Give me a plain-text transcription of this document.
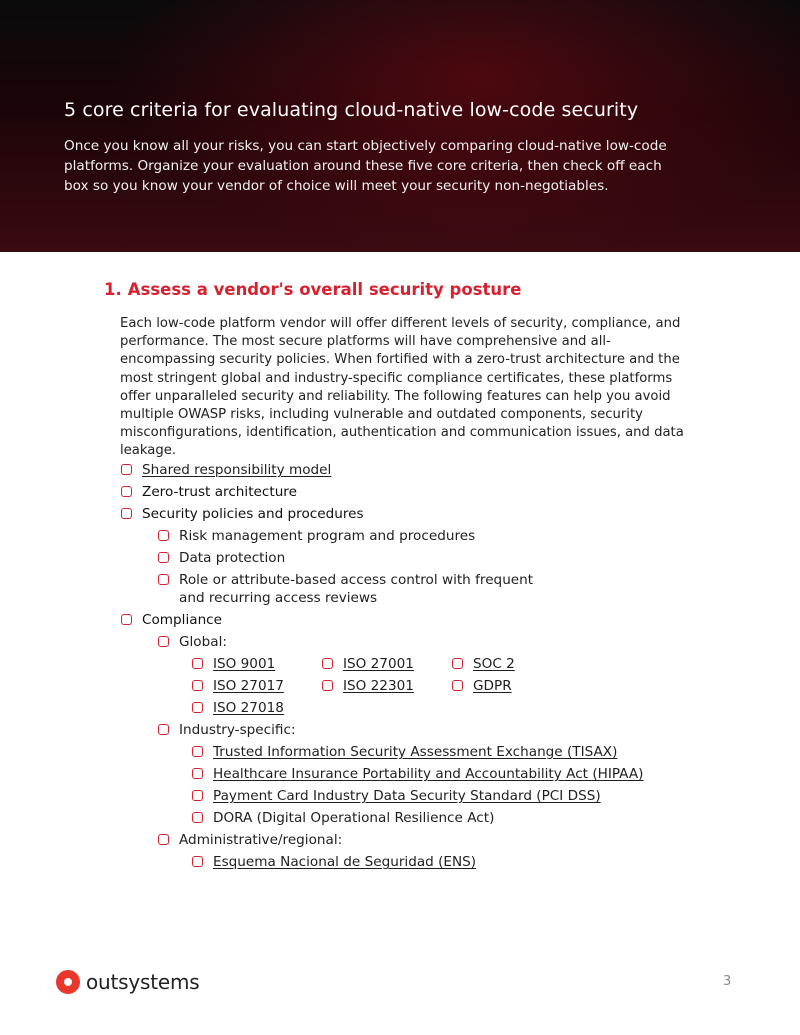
5 core criteria for evaluating cloud-native low-code security

Once you know all your risks, you can start objectively comparing cloud-native low-code platforms. Organize your evaluation around these five core criteria, then check off each box so you know your vendor of choice will meet your security non-negotiables.

1. Assess a vendor's overall security posture

Each low-code platform vendor will offer different levels of security, compliance, and performance. The most secure platforms will have comprehensive and all-encompassing security policies. When fortified with a zero-trust architecture and the most stringent global and industry-specific compliance certificates, these platforms offer unparalleled security and reliability. The following features can help you avoid multiple OWASP risks, including vulnerable and outdated components, security misconfigurations, identification, authentication and communication issues, and data leakage.

Shared responsibility model
Zero-trust architecture
Security policies and procedures
Risk management program and procedures
Data protection
Role or attribute-based access control with frequent
and recurring access reviews
Compliance
Global:
ISO 9001	ISO 27001	SOC 2
ISO 27017	ISO 22301	GDPR
ISO 27018
Industry-specific:
Trusted Information Security Assessment Exchange (TISAX)
Healthcare Insurance Portability and Accountability Act (HIPAA)
Payment Card Industry Data Security Standard (PCI DSS)
DORA (Digital Operational Resilience Act)
Administrative/regional:
Esquema Nacional de Seguridad (ENS)
outsystems	3
